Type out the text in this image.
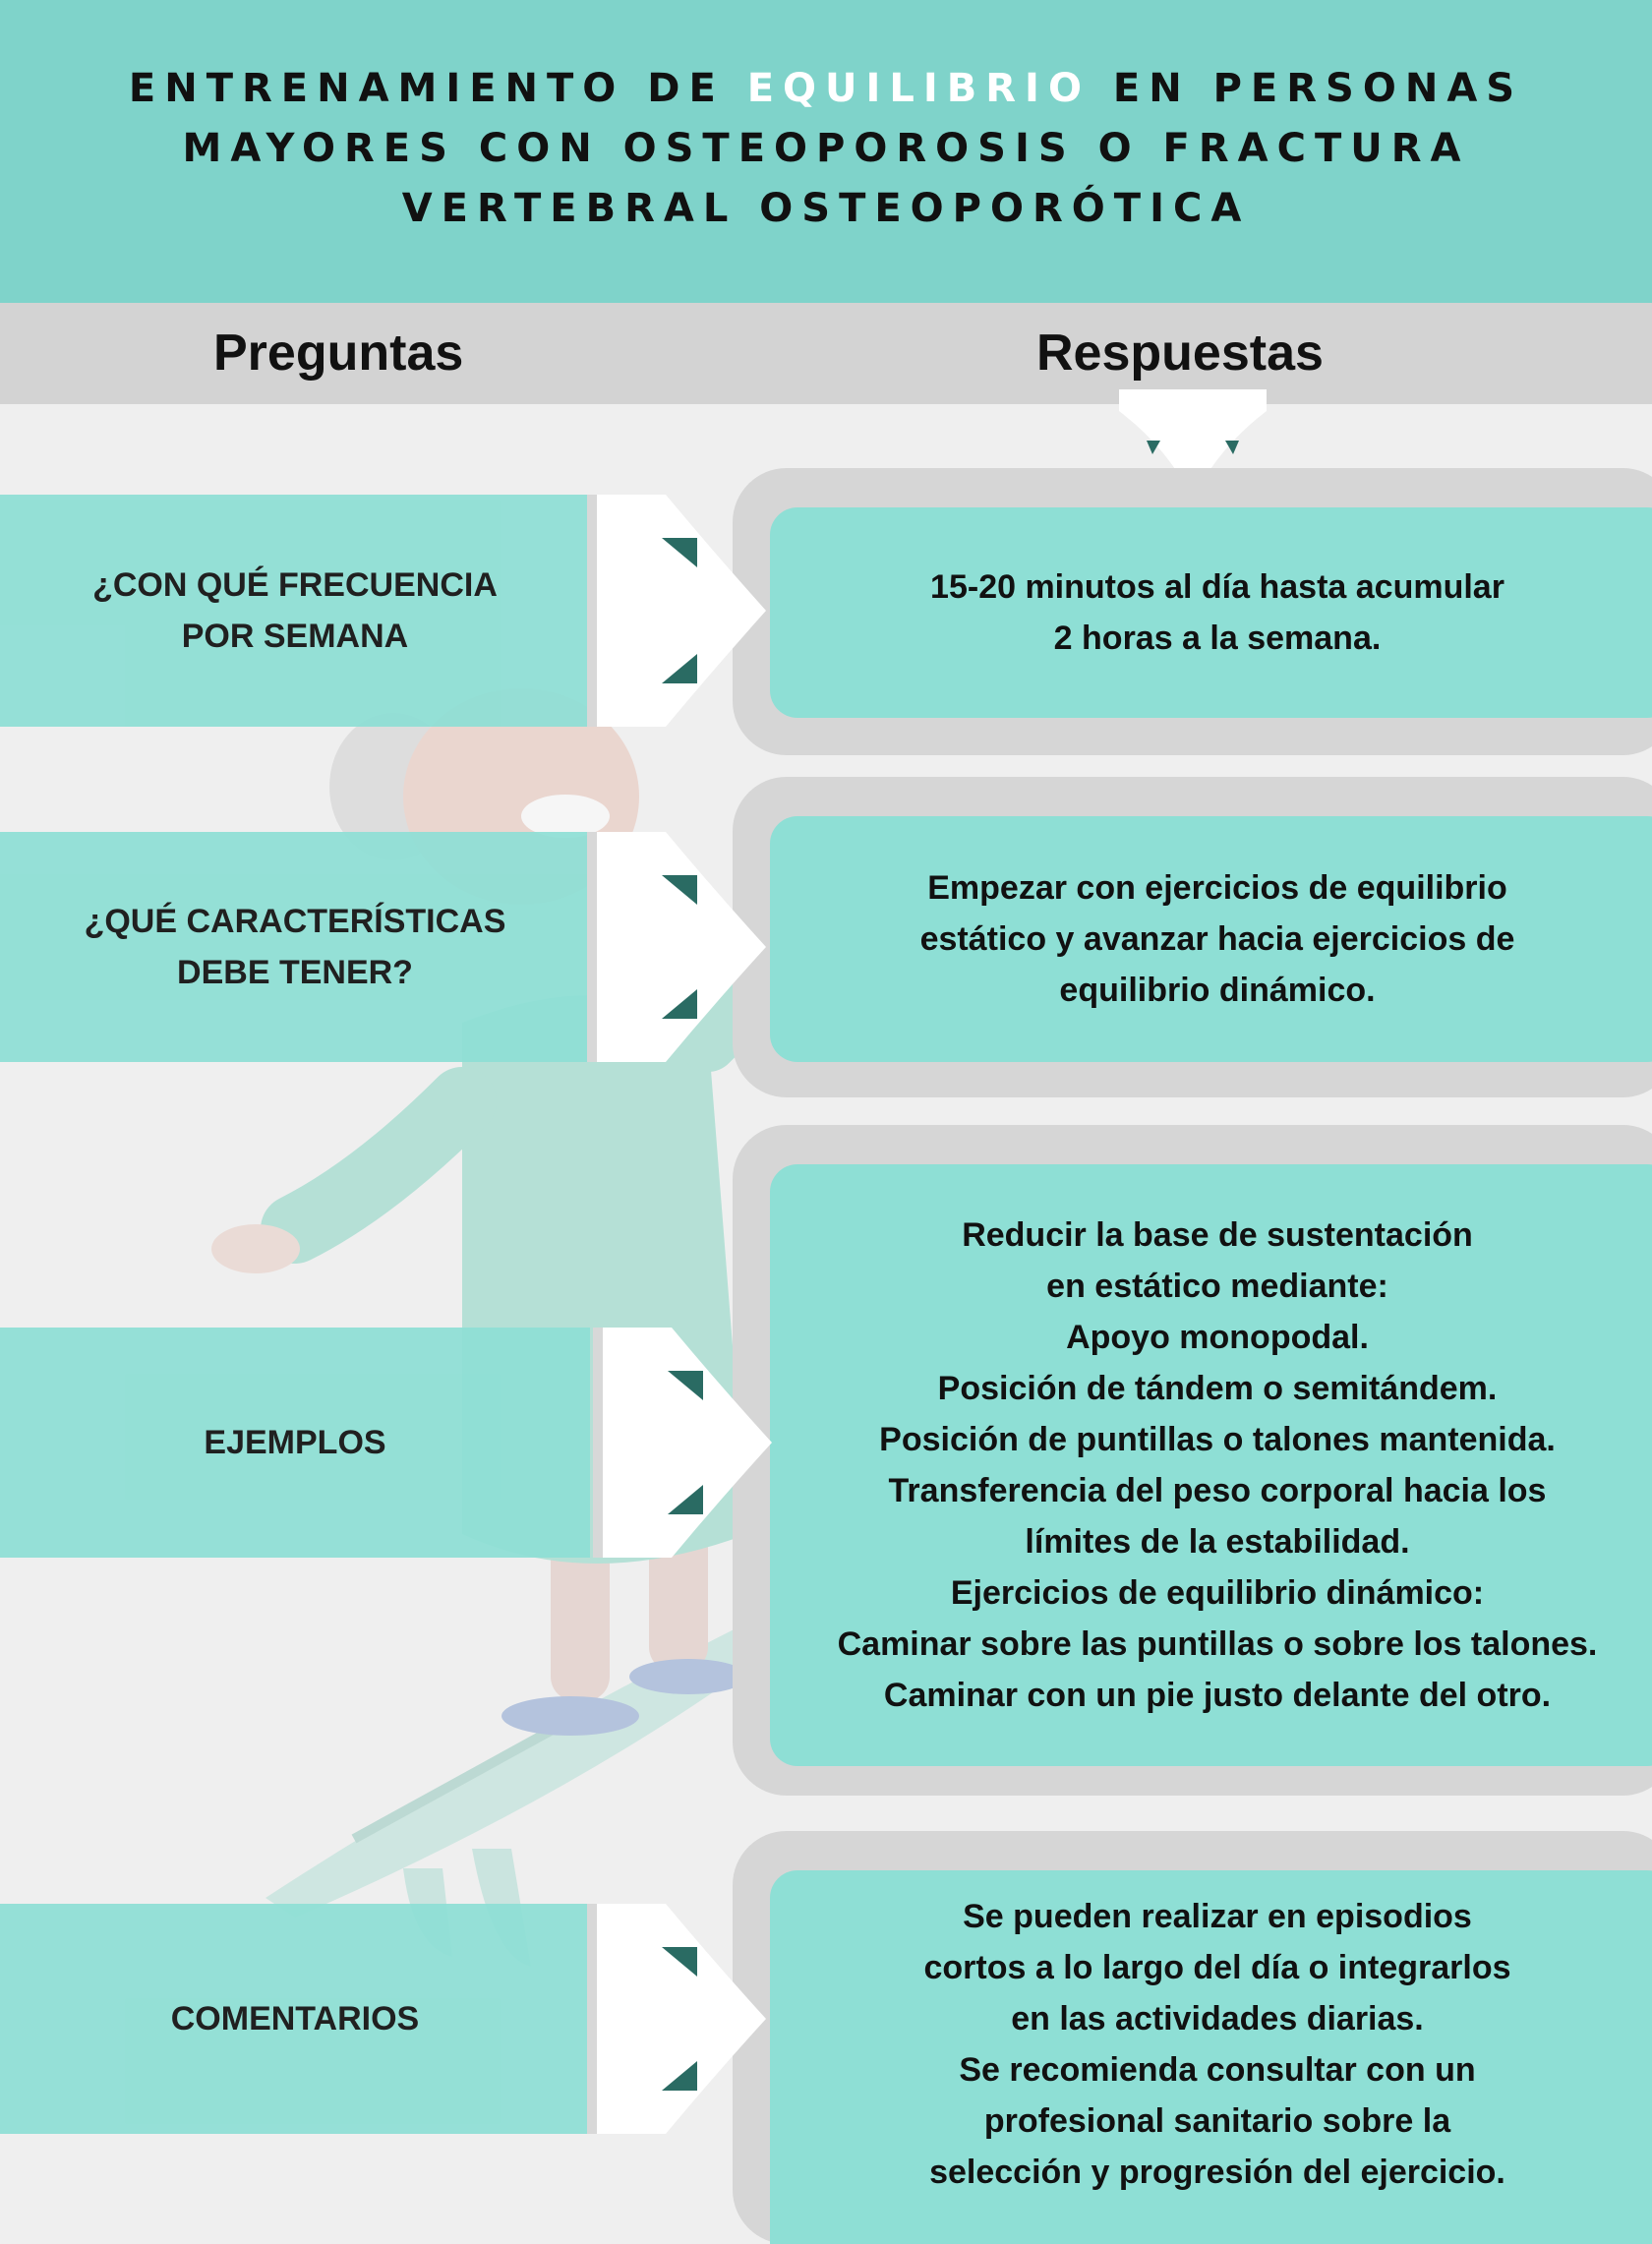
ENTRENAMIENTO DE EQUILIBRIO EN PERSONAS
MAYORES CON OSTEOPOROSIS O FRACTURA
VERTEBRAL OSTEOPORÓTICA
Preguntas	Respuestas
15-20 minutos al día hasta acumular
2 horas a la semana.
¿CON QUÉ FRECUENCIA
POR SEMANA
Empezar con ejercicios de equilibrio
estático y avanzar hacia ejercicios de
equilibrio dinámico.
¿QUÉ CARACTERÍSTICAS
DEBE TENER?
Reducir la base de sustentación
en estático mediante:
Apoyo monopodal.
Posición de tándem o semitándem.
Posición de puntillas o talones mantenida.
Transferencia del peso corporal hacia los
límites de la estabilidad.
Ejercicios de equilibrio dinámico:
Caminar sobre las puntillas o sobre los talones.
Caminar con un pie justo delante del otro.
EJEMPLOS
Se pueden realizar en episodios
cortos a lo largo del día o integrarlos
en las actividades diarias.
Se recomienda consultar con un
profesional sanitario sobre la
selección y progresión del ejercicio.
COMENTARIOS
